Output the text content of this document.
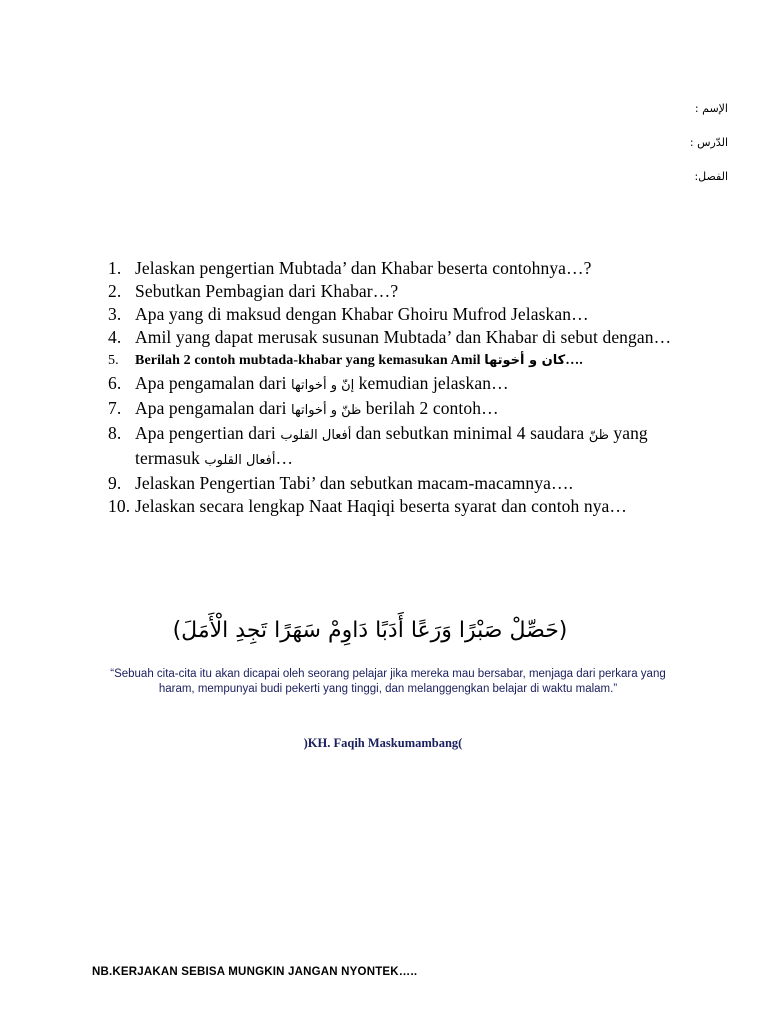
: الإسم
: الدّرس
:الفصل
1. Jelaskan pengertian Mubtada’ dan Khabar beserta contohnya…?
2. Sebutkan Pembagian dari Khabar…?
3. Apa yang di maksud dengan Khabar Ghoiru Mufrod Jelaskan…
4. Amil yang dapat merusak susunan Mubtada’ dan Khabar di sebut dengan…
5.	Berilah 2 contoh mubtada-khabar yang kemasukan Amil كان و أخوتها….
6. Apa pengamalan dari إنّ و أخواتها kemudian jelaskan…
7. Apa pengamalan dari ظنّ و أخواتها berilah 2 contoh…
8. Apa pengertian dari أفعال القلوب dan sebutkan minimal 4 saudara ظنّ yang termasuk أفعال القلوب…
9. Jelaskan Pengertian Tabi’ dan sebutkan macam-macamnya….
10. Jelaskan secara lengkap Naat Haqiqi beserta syarat dan contoh nya…
(حَصِّلْ صَبْرًا وَرَعًا أَدَبًا دَاوِمْ سَهَرًا تَجِدِ الْأَمَلَ)
“Sebuah cita-cita itu akan dicapai oleh seorang pelajar jika mereka mau bersabar, menjaga dari perkara yang haram, mempunyai budi pekerti yang tinggi, dan melanggengkan belajar di waktu malam.”
)KH. Faqih Maskumambang(
NB.KERJAKAN SEBISA MUNGKIN JANGAN NYONTEK…..
